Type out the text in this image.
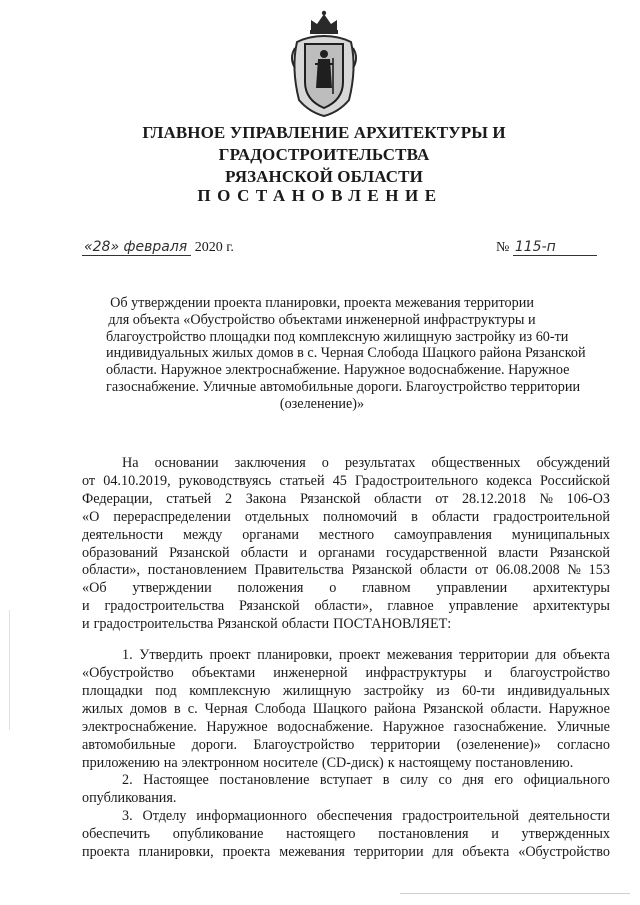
ГЛАВНОЕ УПРАВЛЕНИЕ АРХИТЕКТУРЫ И ГРАДОСТРОИТЕЛЬСТВА
РЯЗАНСКОЙ ОБЛАСТИ
ПОСТАНОВЛЕНИЕ
«28» февраля 2020 г.	№ 115-п
Об утверждении проекта планировки, проекта межевания территории
для объекта «Обустройство объектами инженерной инфраструктуры и
благоустройство площадки под комплексную жилищную застройку из 60-ти
индивидуальных жилых домов в с. Черная Слобода Шацкого района Рязанской
области. Наружное электроснабжение. Наружное водоснабжение. Наружное
газоснабжение. Уличные автомобильные дороги. Благоустройство территории
(озеленение)»
На основании заключения о результатах общественных обсуждений
от 04.10.2019, руководствуясь статьей 45 Градостроительного кодекса Российской
Федерации, статьей 2 Закона Рязанской области от 28.12.2018 № 106-ОЗ
«О перераспределении отдельных полномочий в области градостроительной
деятельности между органами местного самоуправления муниципальных
образований Рязанской области и органами государственной власти Рязанской
области», постановлением Правительства Рязанской области от 06.08.2008 № 153
«Об утверждении положения о главном управлении архитектуры
и градостроительства Рязанской области», главное управление архитектуры
и градостроительства Рязанской области ПОСТАНОВЛЯЕТ:
1. Утвердить проект планировки, проект межевания территории для объекта
«Обустройство объектами инженерной инфраструктуры и благоустройство
площадки под комплексную жилищную застройку из 60-ти индивидуальных
жилых домов в с. Черная Слобода Шацкого района Рязанской области. Наружное
электроснабжение. Наружное водоснабжение. Наружное газоснабжение. Уличные
автомобильные дороги. Благоустройство территории (озеленение)» согласно
приложению на электронном носителе (CD-диск) к настоящему постановлению.
2. Настоящее постановление вступает в силу со дня его официального
опубликования.
3. Отделу информационного обеспечения градостроительной деятельности
обеспечить опубликование настоящего постановления и утвержденных
проекта планировки, проекта межевания территории для объекта «Обустройство
